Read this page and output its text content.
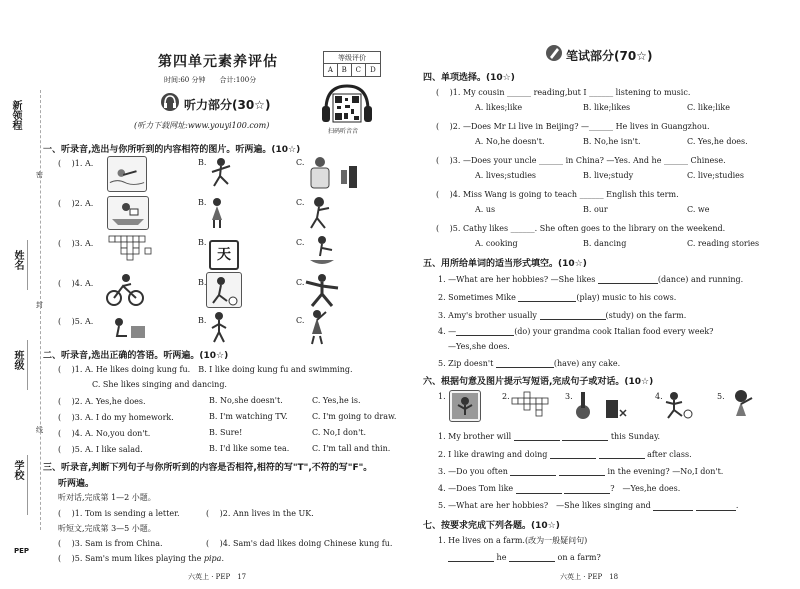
新领程
姓名
班级
学校
密
封
线
PEP
第四单元素养评估
时间:60 分钟　　合计:100分
等级评价
A	B	C	D
扫码听音音
听力部分(30☆)
(听力下载网址:www.youyi100.com)
一、听录音,选出与你所听到的内容相符的图片。听两遍。(10☆)
( 　)1. A.	B.	C.
( 　)2. A.	B.	C.
( 　)3. A.	B.	C.
天
( 　)4. A.	B.	C.
( 　)5. A.	B.	C.
二、听录音,选出正确的答语。听两遍。(10☆)
( 　)1. A. He likes doing kung fu.　B. I like doing kung fu and swimming.
C. She likes singing and dancing.
( 　)2. A. Yes,he does.	B. No,she doesn't.	C. Yes,he is.
( 　)3. A. I do my homework.	B. I'm watching TV.	C. I'm going to draw.
( 　)4. A. No,you don't.	B. Sure!	C. No,I don't.
( 　)5. A. I like salad.	B. I'd like some tea.	C. I'm tall and thin.
三、听录音,判断下列句子与你所听到的内容是否相符,相符的写"T",不符的写"F"。
听两遍。
听对话,完成第 1—2 小题。
( 　)1. Tom is sending a letter.	( 　)2. Ann lives in the UK.
听短文,完成第 3—5 小题。
( 　)3. Sam is from China.	( 　)4. Sam's dad likes doing Chinese kung fu.
( 　)5. Sam's mum likes playing the pipa.
六英上 · PEP　17
笔试部分(70☆)
四、单项选择。(10☆)
( 　)1. My cousin ______ reading,but I ______ listening to music.
A. likes;like	B. like;likes	C. like;like
( 　)2. —Does Mr Li live in Beijing? —______ He lives in Guangzhou.
A. No,he doesn't.	B. No,he isn't.	C. Yes,he does.
( 　)3. —Does your uncle ______ in China? —Yes. And he ______ Chinese.
A. lives;studies	B. live;study	C. live;studies
( 　)4. Miss Wang is going to teach ______ English this term.
A. us	B. our	C. we
( 　)5. Cathy likes ______. She often goes to the library on the weekend.
A. cooking	B. dancing	C. reading stories
五、用所给单词的适当形式填空。(10☆)
1. —What are her hobbies? —She likes	(dance) and running.
2. Sometimes Mike	(play) music to his cows.
3. Amy's brother usually	(study) on the farm.
4. —	(do) your grandma cook Italian food every week?
—Yes,she does.
5. Zip doesn't	(have) any cake.
六、根据句意及图片提示写短语,完成句子或对话。(10☆)
1.	2.	3.	4.	5.
1. My brother will	this Sunday.
2. I like drawing and doing	after class.
3. —Do you often	in the evening? —No,I don't.
4. —Does Tom like	?　 —Yes,he does.
5. —What are her hobbies?　 —She likes singing and	.
七、按要求完成下列各题。(10☆)
1. He lives on a farm.(改为一般疑问句)
he	on a farm?
六英上 · PEP　18
